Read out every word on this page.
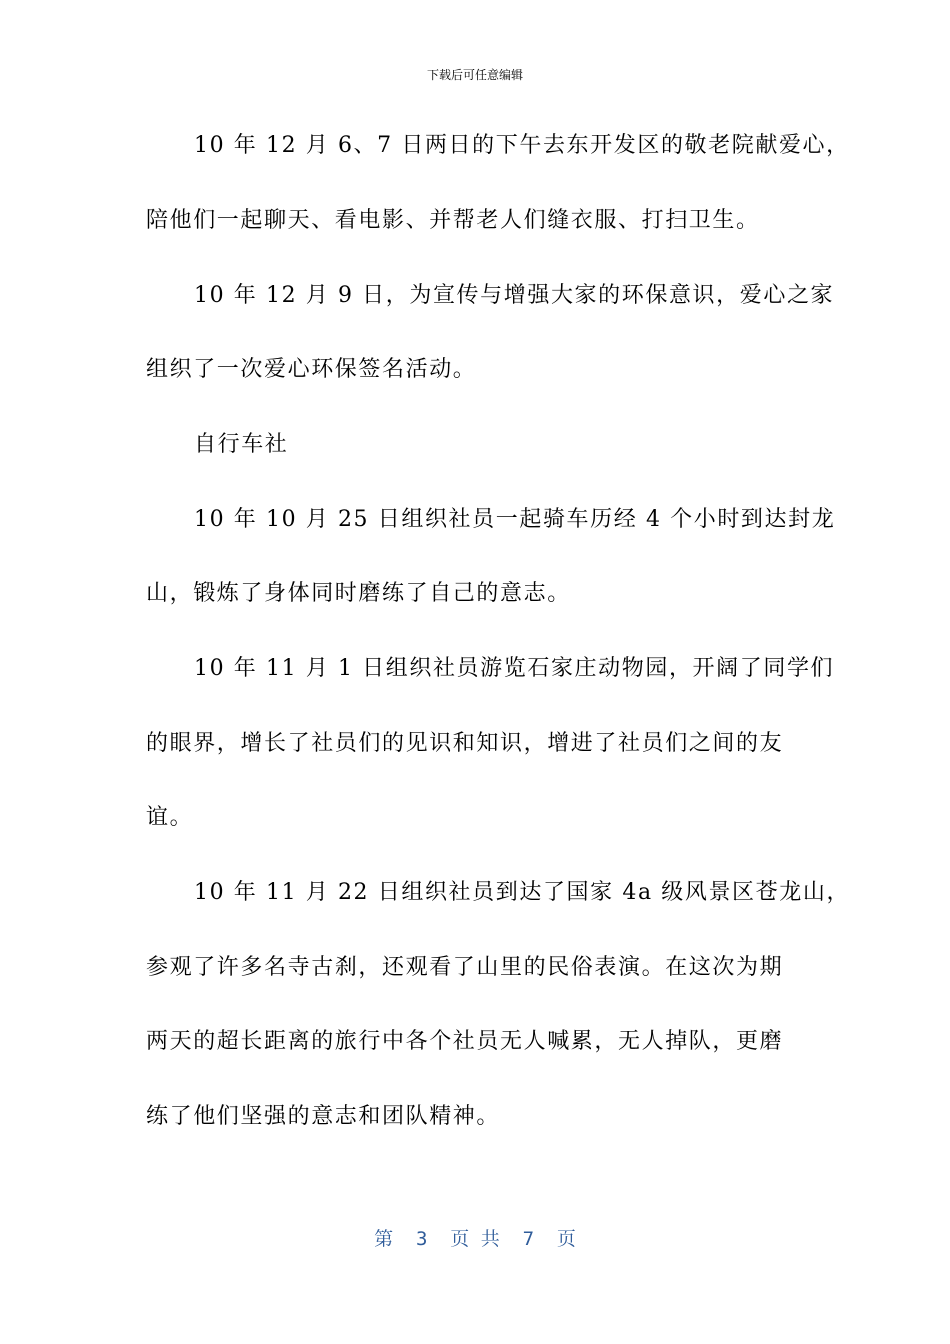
下载后可任意编辑
10 年 12 月 6、7 日两日的下午去东开发区的敬老院献爱心，
陪他们一起聊天、看电影、并帮老人们缝衣服、打扫卫生。
10 年 12 月 9 日，为宣传与增强大家的环保意识，爱心之家
组织了一次爱心环保签名活动。
自行车社
10 年 10 月 25 日组织社员一起骑车历经 4 个小时到达封龙
山，锻炼了身体同时磨练了自己的意志。
10 年 11 月 1 日组织社员游览石家庄动物园，开阔了同学们
的眼界，增长了社员们的见识和知识，增进了社员们之间的友
谊。
10 年 11 月 22 日组织社员到达了国家 4a 级风景区苍龙山，
参观了许多名寺古刹，还观看了山里的民俗表演。在这次为期
两天的超长距离的旅行中各个社员无人喊累，无人掉队，更磨
练了他们坚强的意志和团队精神。
第  3  页 共  7  页
